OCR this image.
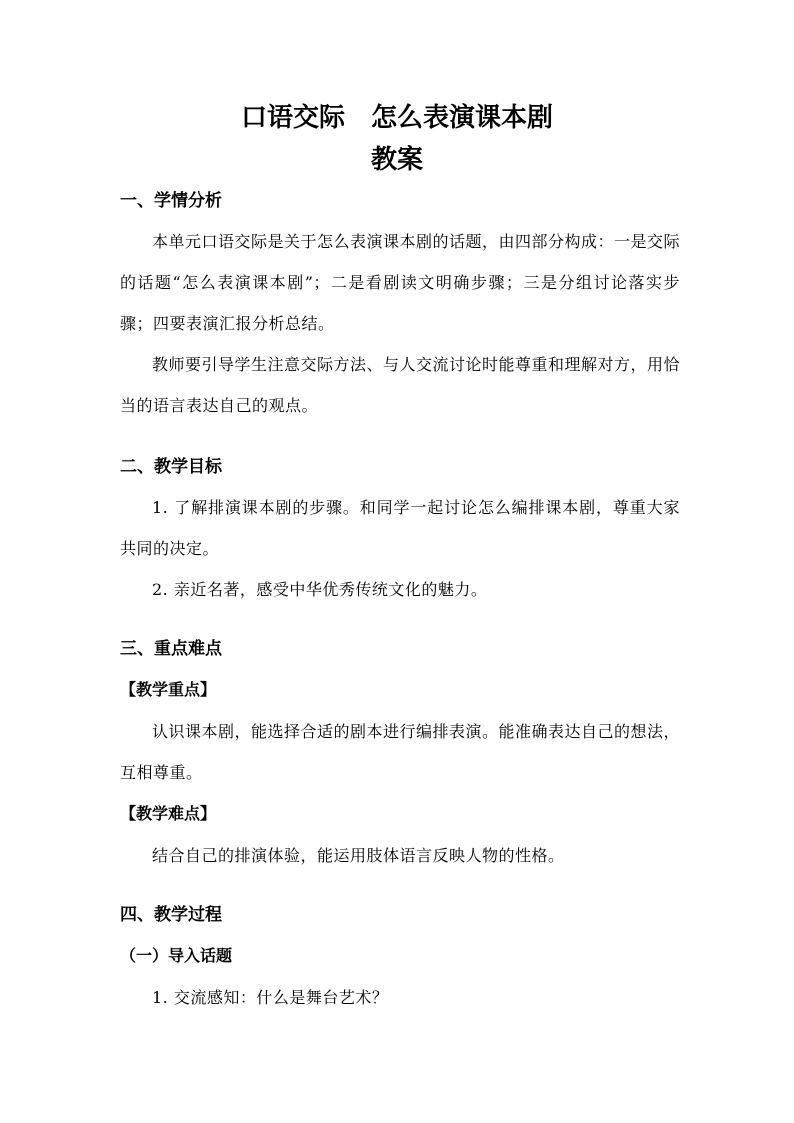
口语交际　怎么表演课本剧
教案
一、学情分析

本单元口语交际是关于怎么表演课本剧的话题，由四部分构成：一是交际的话题“怎么表演课本剧”；二是看剧读文明确步骤；三是分组讨论落实步骤；四要表演汇报分析总结。

教师要引导学生注意交际方法、与人交流讨论时能尊重和理解对方，用恰当的语言表达自己的观点。

二、教学目标

1. 了解排演课本剧的步骤。和同学一起讨论怎么编排课本剧，尊重大家共同的决定。

2. 亲近名著，感受中华优秀传统文化的魅力。

三、重点难点
【教学重点】

认识课本剧，能选择合适的剧本进行编排表演。能准确表达自己的想法，互相尊重。

【教学难点】

结合自己的排演体验，能运用肢体语言反映人物的性格。

四、教学过程
（一）导入话题

1. 交流感知：什么是舞台艺术？
